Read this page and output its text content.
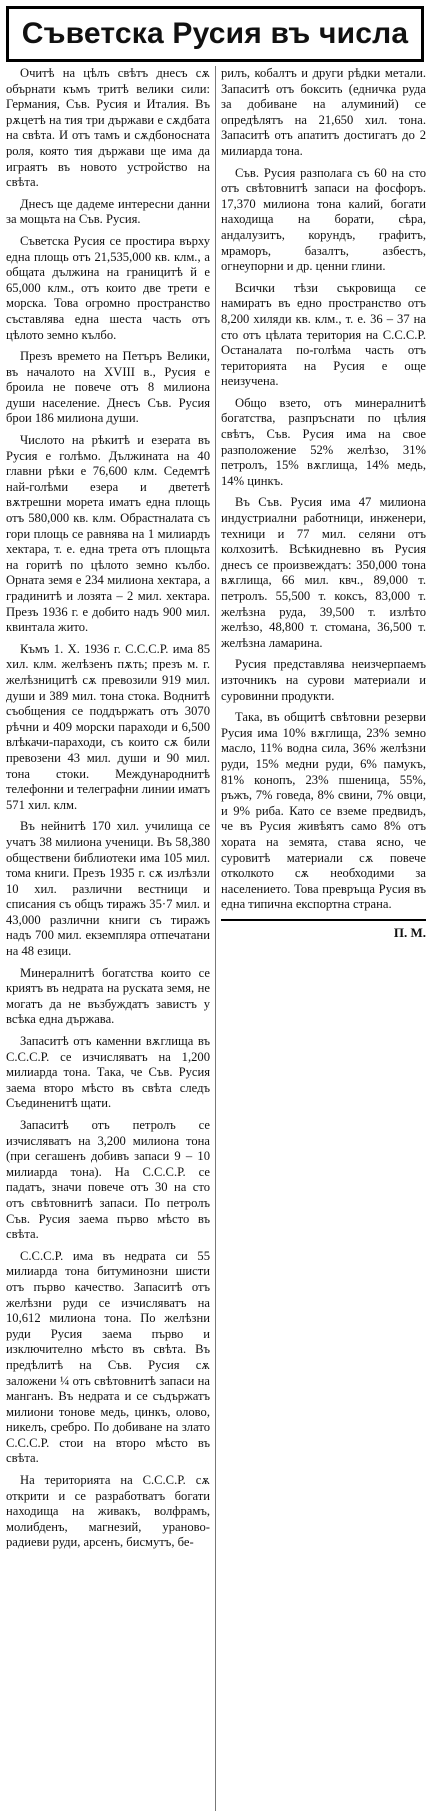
Съветска Русия въ числа

Очитѣ на цѣлъ свѣтъ днесъ сѫ обърнати къмъ тритѣ велики сили: Германия, Съв. Русия и Италия. Въ рѫцетѣ на тия три държави е сѫдбата на свѣта. И отъ тамъ и сѫдбоносната роля, която тия държави ще има да играятъ въ новото устройство на свѣта.

Днесъ ще дадеме интересни данни за мощьта на Съв. Русия.

Съветска Русия се простира върху една площь отъ 21,535,000 кв. клм., а общата дължина на границитѣ й е 65,000 клм., отъ които две трети е морска. Това огромно пространство съставлява една шеста часть отъ цѣлото земно кълбо.

Презъ времето на Петъръ Велики, въ началото на XVIII в., Русия е броила не повече отъ 8 милиона души население. Днесъ Съв. Русия брои 186 милиона души.

Числото на рѣкитѣ и езерата въ Русия е голѣмо. Дължината на 40 главни рѣки е 76,600 клм. Седемтѣ най-голѣми езера и двететѣ вѫтрешни морета иматъ една площь отъ 580,000 кв. клм. Обрастналата съ гори площь се равнява на 1 милиардъ хектара, т. е. една трета отъ площьта на горитѣ по цѣлото земно кълбо. Орната земя е 234 милиона хектара, а градинитѣ и лозята – 2 мил. хектара. Презъ 1936 г. е добито надъ 900 мил. квинтала жито.

Къмъ 1. X. 1936 г. С.С.С.Р. има 85 хил. клм. желѣзенъ пѫть; презъ м. г. желѣзницитѣ сѫ превозили 919 мил. души и 389 мил. тона стока. Воднитѣ съобщения се поддържатъ отъ 3070 рѣчни и 409 морски параходи и 6,500 влѣкачи-параходи, съ които сѫ били превозени 43 мил. души и 90 мил. тона стоки. Международнитѣ телефонни и телеграфни линии иматъ 571 хил. клм.

Въ нейнитѣ 170 хил. училища се учатъ 38 милиона ученици. Въ 58,380 обществени библиотеки има 105 мил. тома книги. Презъ 1935 г. сѫ излѣзли 10 хил. различни вестници и списания съ общъ тиражъ 35·7 мил. и 43,000 различни книги съ тиражъ надъ 700 мил. екземпляра отпечатани на 48 езици.

Минералнитѣ богатства които се криятъ въ недрата на руската земя, не могатъ да не възбуждатъ завистъ у всѣка една държава.

Запаситѣ отъ каменни вѫглища въ С.С.С.Р. се изчисляватъ на 1,200 милиарда тона. Така, че Съв. Русия заема второ мѣсто въ свѣта следъ Съединенитѣ щати.

Запаситѣ отъ петролъ се изчисляватъ на 3,200 милиона тона (при сегашенъ добивъ запаси 9 – 10 милиарда тона). На С.С.С.Р. се падатъ, значи повече отъ 30 на сто отъ свѣтовнитѣ запаси. По петролъ Съв. Русия заема първо мѣсто въ свѣта.

С.С.С.Р. има въ недрата си 55 милиарда тона битуминозни шисти отъ първо качество. Запаситѣ отъ желѣзни руди се изчисляватъ на 10,612 милиона тона. По желѣзни руди Русия заема първо и изключително мѣсто въ свѣта. Въ предѣлитѣ на Съв. Русия сѫ заложени ¼ отъ свѣтовнитѣ запаси на манганъ. Въ недрата и се съдържатъ милиони тонове медь, цинкъ, олово, никелъ, сребро. По добиване на злато С.С.С.Р. стои на второ мѣсто въ свѣта.

На територията на С.С.С.Р. сѫ открити и се разработватъ богати находища на живакъ, волфрамъ, молибденъ, магнезий, ураново-радиеви руди, арсенъ, бисмутъ, бе-

рилъ, кобалтъ и други рѣдки метали. Запаситѣ отъ боксить (едничка руда за добиване на алуминий) се опредѣлятъ на 21,650 хил. тона. Запаситѣ отъ апатитъ достигатъ до 2 милиарда тона.

Съв. Русия разполага съ 60 на сто отъ свѣтовнитѣ запаси на фосфоръ. 17,370 милиона тона калий, богати находища на борати, сѣра, андалузитъ, корундъ, графитъ, мраморъ, базалтъ, азбестъ, огнеупорни и др. ценни глини.

Всички тѣзи съкровища се намиратъ въ едно пространство отъ 8,200 хиляди кв. клм., т. е. 36 – 37 на сто отъ цѣлата територия на С.С.С.Р. Останалата по-голѣма часть отъ територията на Русия е още неизучена.

Общо взето, отъ минералнитѣ богатства, разпръснати по цѣлия свѣтъ, Съв. Русия има на свое разположение 52% желѣзо, 31% петролъ, 15% вѫглища, 14% медь, 14% цинкъ.

Въ Съв. Русия има 47 милиона индустриални работници, инженери, техници и 77 мил. селяни отъ колхозитѣ. Всѣкидневно въ Русия днесъ се произвеждатъ: 350,000 тона вѫглища, 66 мил. квч., 89,000 т. петролъ. 55,500 т. коксъ, 83,000 т. желѣзна руда, 39,500 т. излѣто желѣзо, 48,800 т. стомана, 36,500 т. желѣзна ламарина.

Русия представлява неизчерпаемъ източникъ на сурови материали и суровинни продукти.

Така, въ общитѣ свѣтовни резерви Русия има 10% вѫглища, 23% земно масло, 11% водна сила, 36% желѣзни руди, 15% медни руди, 6% памукъ, 81% конопъ, 23% пшеница, 55%, ръжъ, 7% говеда, 8% свини, 7% овци, и 9% риба. Като се вземе предвидъ, че въ Русия живѣятъ само 8% отъ хората на земята, става ясно, че суровитѣ материали сѫ повече отколкото сѫ необходими за населението. Това превръща Русия въ една типична експортна страна.

П. М.
